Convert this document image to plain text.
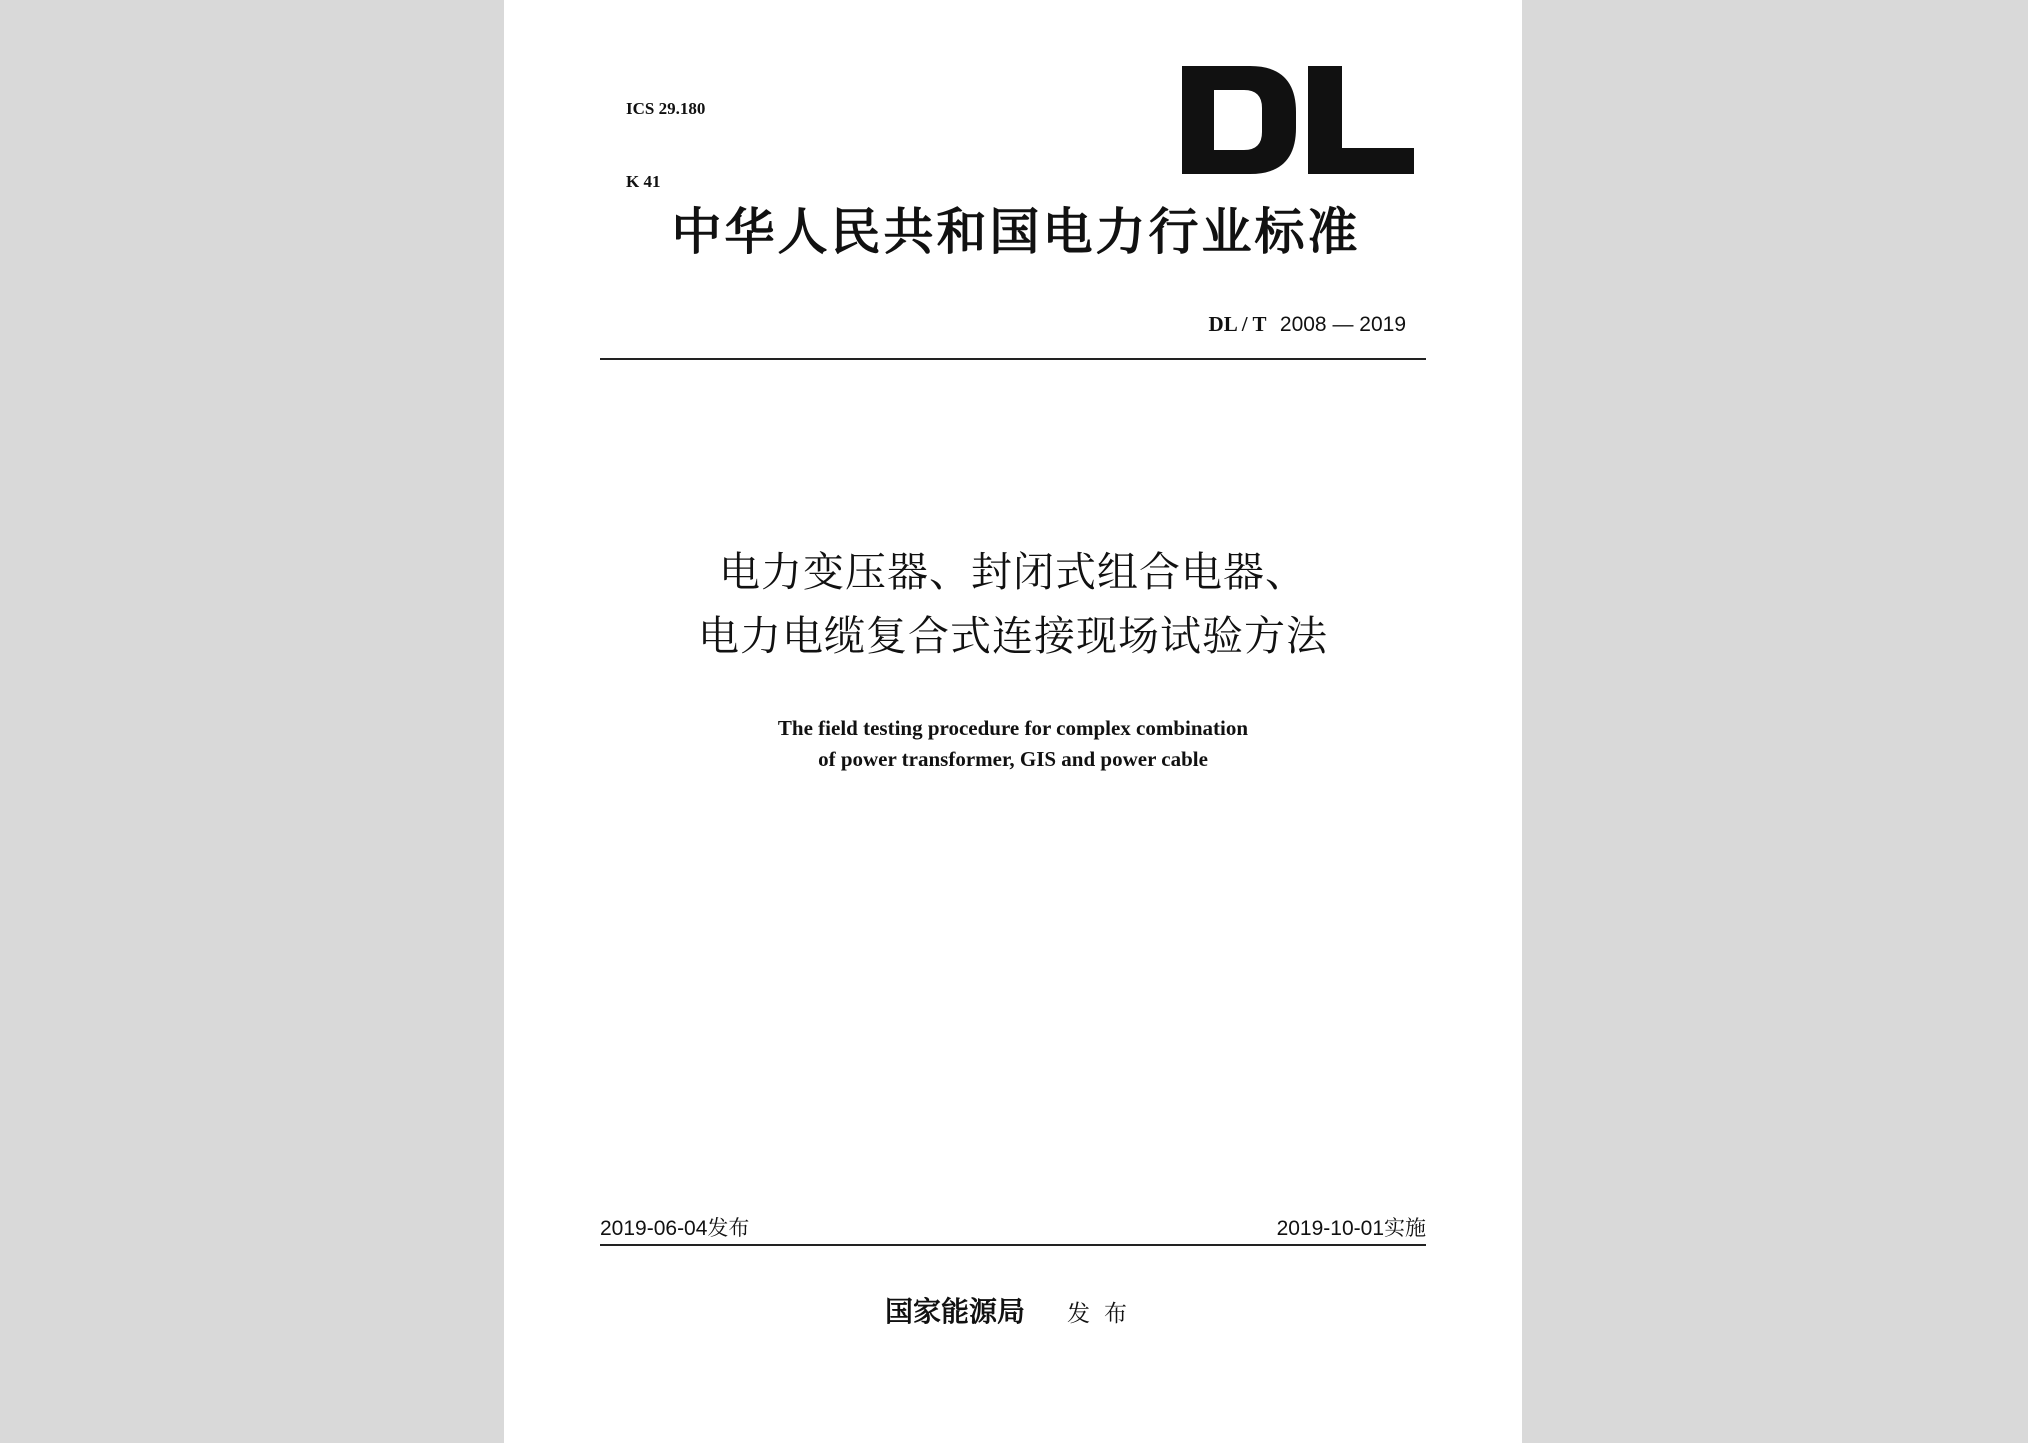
ICS 29.180

K 41

中华人民共和国电力行业标准
DL / T 2008 — 2019
电力变压器、封闭式组合电器、
电力电缆复合式连接现场试验方法
The field testing procedure for complex combination
of power transformer, GIS and power cable
2019-06-04发布	2019-10-01实施
国家能源局 发布
